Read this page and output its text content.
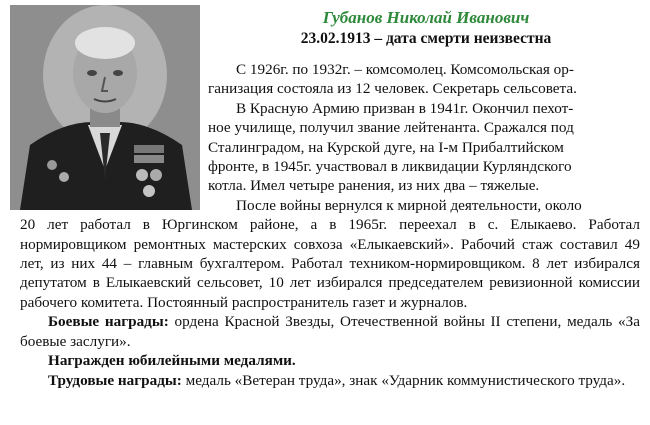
Губанов Николай Иванович
23.02.1913 – дата смерти неизвестна

С 1926г. по 1932г. – комсомолец. Комсомольская ор-

ганизация состояла из 12 человек. Секретарь сельсовета.

В Красную Армию призван в 1941г. Окончил пехот-

ное училище, получил звание лейтенанта. Сражался под

Сталинградом, на Курской дуге, на I-м Прибалтийском

фронте, в 1945г. участвовал в ликвидации Курляндского

котла. Имел четыре ранения, из них два – тяжелые.

После войны вернулся к мирной деятельности, около

20 лет работал в Юргинском районе, а в 1965г. переехал в с. Елыкаево. Работал нормировщиком ремонтных мастерских совхоза «Елыкаевский». Рабочий стаж составил 49 лет, из них 44 – главным бухгалтером. Работал техником-нормировщиком. 8 лет избирался депутатом в Елыкаевский сельсовет, 10 лет избирался председателем ревизионной комиссии рабочего комитета. Постоянный распространитель газет и журналов.

Боевые награды: ордена Красной Звезды, Отечественной войны II степени, медаль «За боевые заслуги».

Награжден юбилейными медалями.

Трудовые награды: медаль «Ветеран труда», знак «Ударник коммунистического труда».
